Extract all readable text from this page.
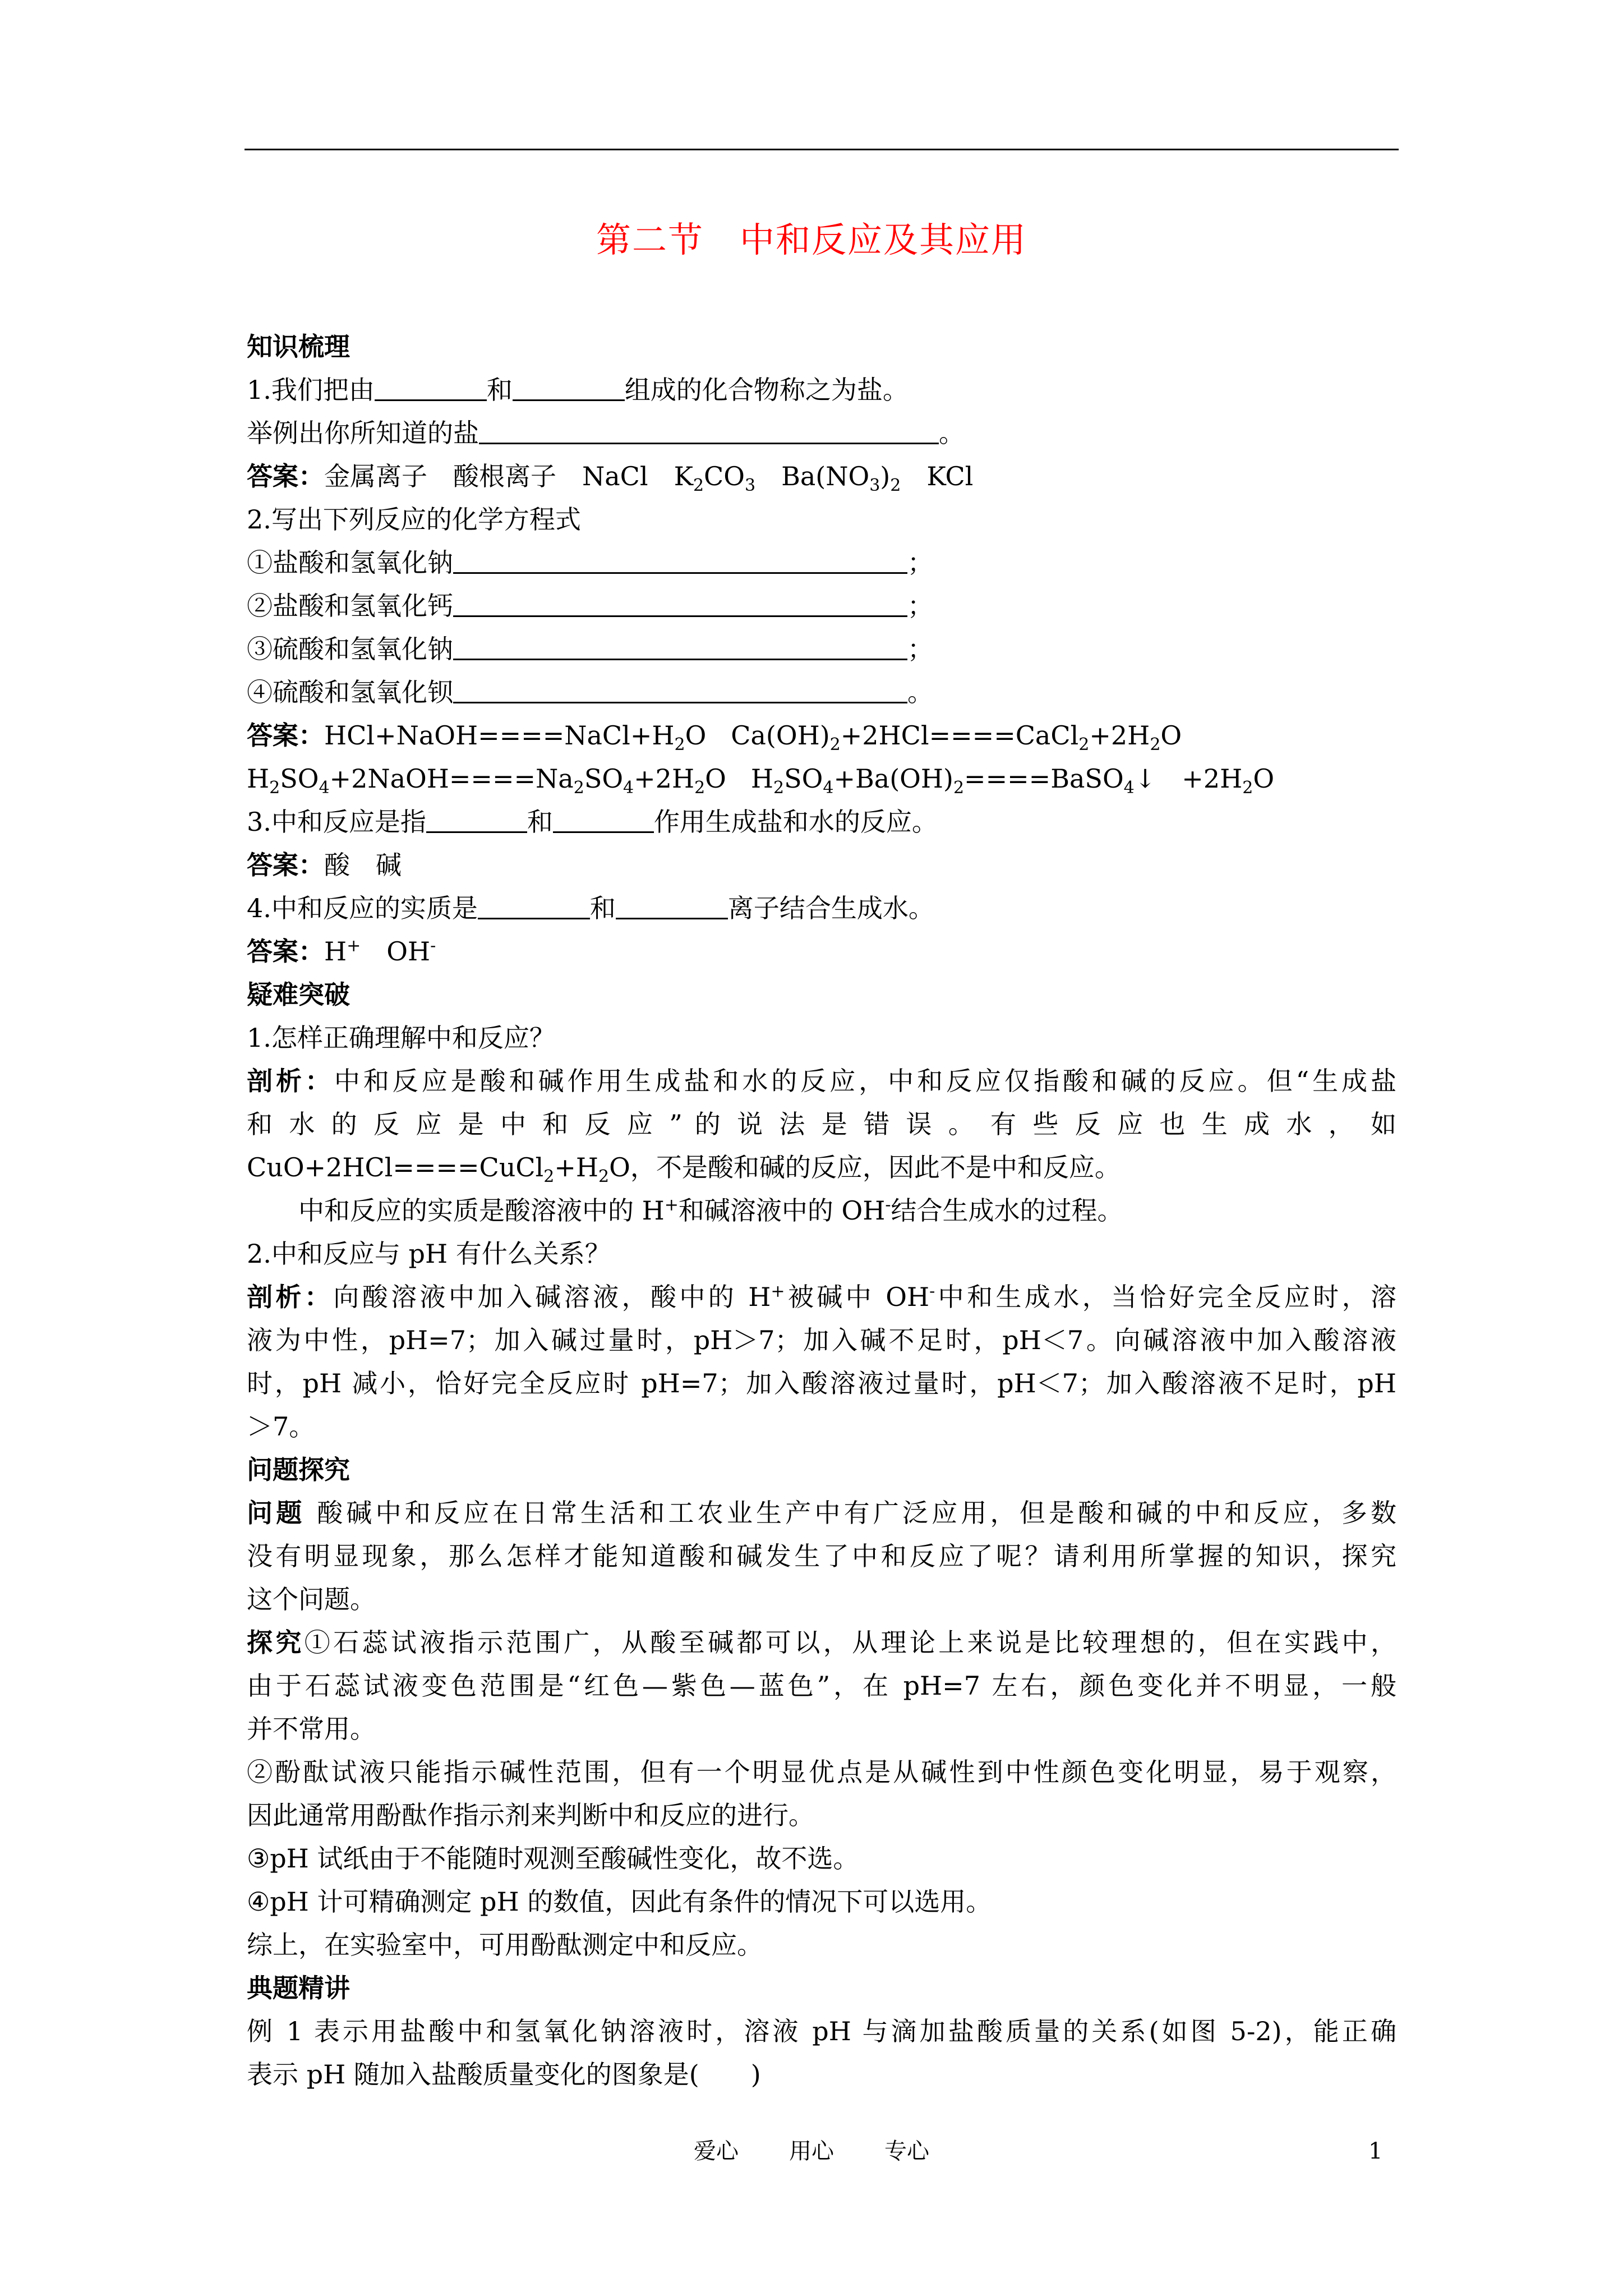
第二节　中和反应及其应用
知识梳理
1.我们把由	和	组成的化合物称之为盐。
举例出你所知道的盐	。
答案：金属离子　酸根离子　NaCl　$K_2CO_3$　$Ba(NO_3)_2$　KCl
2.写出下列反应的化学方程式
①盐酸和氢氧化钠	；
②盐酸和氢氧化钙	；
③硫酸和氢氧化钠	；
④硫酸和氢氧化钡	。
答案：$HCl+NaOH====NaCl+H_2O$ $Ca(OH)_2+2HCl====CaCl_2+2H_2O$
$H_2SO_4+2NaOH====Na_2SO_4+2H_2O$ $H_2SO_4+Ba(OH)_2====BaSO_4↓$　$+2H_2O$
3.中和反应是指	和	作用生成盐和水的反应。
答案：酸　碱
4.中和反应的实质是	和	离子结合生成水。
答案：H+　OH-
疑难突破
1.怎样正确理解中和反应？
剖析：中和反应是酸和碱作用生成盐和水的反应，中和反应仅指酸和碱的反应。但“生成盐
和 水 的 反 应 是 中 和 反 应 ” 的 说 法 是 错 误 。 有 些 反 应 也 生 成 水 ， 如
$CuO+2HCl====CuCl_2+H_2O$，不是酸和碱的反应，因此不是中和反应。
中和反应的实质是酸溶液中的 H+和碱溶液中的 OH-结合生成水的过程。
2.中和反应与 pH 有什么关系？
剖析：向酸溶液中加入碱溶液，酸中的 H+被碱中 OH-中和生成水，当恰好完全反应时，溶
液为中性，pH=7；加入碱过量时，pH＞7；加入碱不足时，pH＜7。向碱溶液中加入酸溶液
时，pH 减小，恰好完全反应时 pH=7；加入酸溶液过量时，pH＜7；加入酸溶液不足时，pH
＞7。
问题探究
问题 酸碱中和反应在日常生活和工农业生产中有广泛应用，但是酸和碱的中和反应，多数
没有明显现象，那么怎样才能知道酸和碱发生了中和反应了呢？请利用所掌握的知识，探究
这个问题。
探究①石蕊试液指示范围广，从酸至碱都可以，从理论上来说是比较理想的，但在实践中，
由于石蕊试液变色范围是“红色—紫色—蓝色”，在 pH=7 左右，颜色变化并不明显，一般
并不常用。
②酚酞试液只能指示碱性范围，但有一个明显优点是从碱性到中性颜色变化明显，易于观察，
因此通常用酚酞作指示剂来判断中和反应的进行。
③pH 试纸由于不能随时观测至酸碱性变化，故不选。
④pH 计可精确测定 pH 的数值，因此有条件的情况下可以选用。
综上，在实验室中，可用酚酞测定中和反应。
典题精讲
例 1 表示用盐酸中和氢氧化钠溶液时，溶液 pH 与滴加盐酸质量的关系(如图 5-2)，能正确
表示 pH 随加入盐酸质量变化的图象是(　　)
爱心 用心 专心	1
